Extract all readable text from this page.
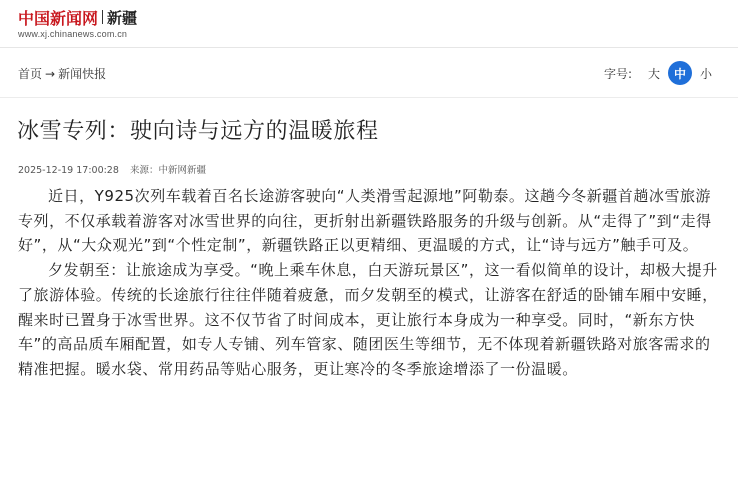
中国新闻网 新疆
www.xj.chinanews.com.cn
首页 → 新闻快报	字号:	大	中	小
冰雪专列：驶向诗与远方的温暖旅程
2025-12-19 17:00:28 来源：中新网新疆

近日，Y925次列车载着百名长途游客驶向“人类滑雪起源地”阿勒泰。这趟今冬新疆首趟冰雪旅游专列，不仅承载着游客对冰雪世界的向往，更折射出新疆铁路服务的升级与创新。从“走得了”到“走得好”，从“大众观光”到“个性定制”，新疆铁路正以更精细、更温暖的方式，让“诗与远方”触手可及。

夕发朝至：让旅途成为享受。“晚上乘车休息，白天游玩景区”，这一看似简单的设计，却极大提升了旅游体验。传统的长途旅行往往伴随着疲惫，而夕发朝至的模式，让游客在舒适的卧铺车厢中安睡，醒来时已置身于冰雪世界。这不仅节省了时间成本，更让旅行本身成为一种享受。同时，“新东方快车”的高品质车厢配置，如专人专铺、列车管家、随团医生等细节，无不体现着新疆铁路对旅客需求的精准把握。暖水袋、常用药品等贴心服务，更让寒冷的冬季旅途增添了一份温暖。
